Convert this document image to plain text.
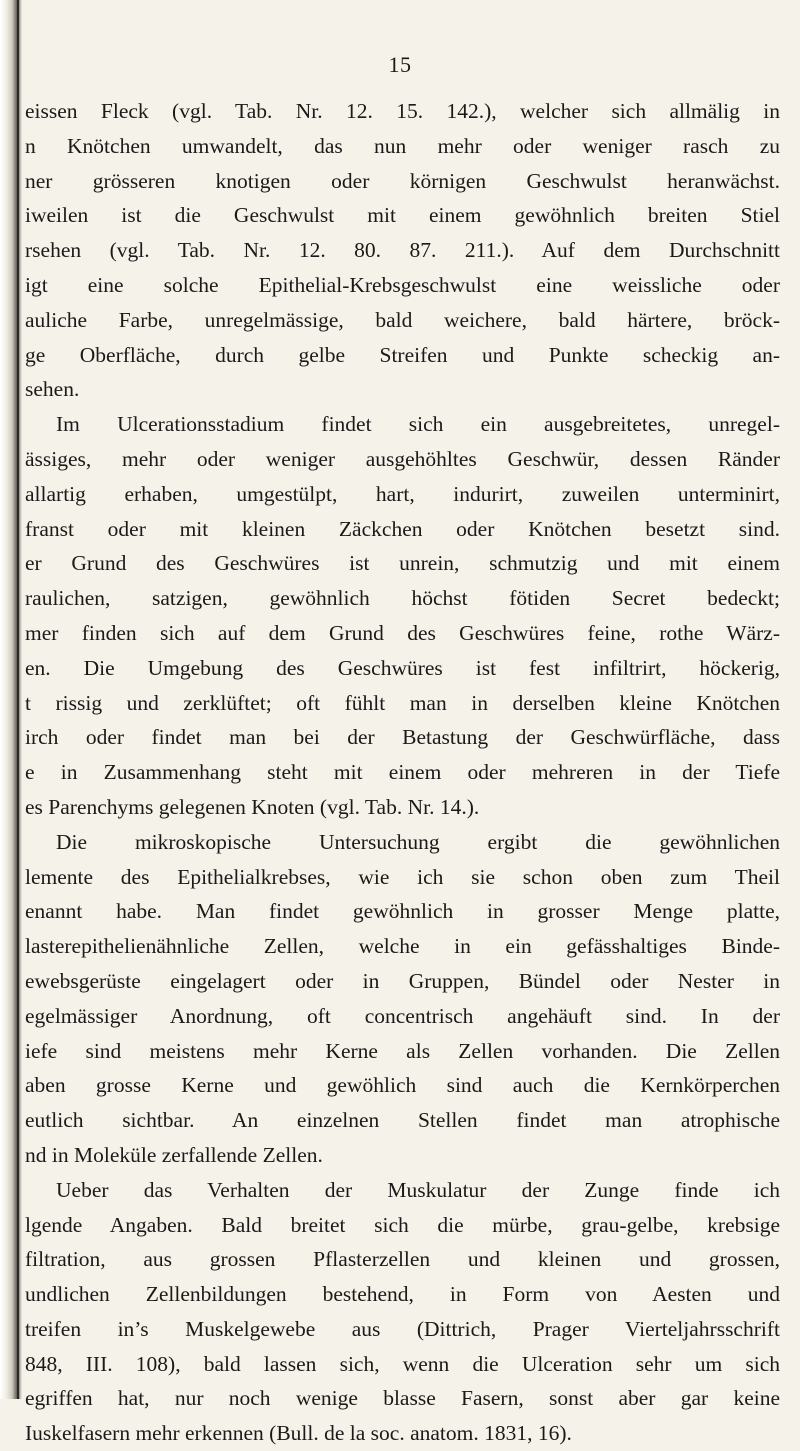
15
eissen Fleck (vgl. Tab. Nr. 12. 15. 142.), welcher sich allmälig in
n Knötchen umwandelt, das nun mehr oder weniger rasch zu
ner grösseren knotigen oder körnigen Geschwulst heranwächst.
iweilen ist die Geschwulst mit einem gewöhnlich breiten Stiel
rsehen (vgl. Tab. Nr. 12. 80. 87. 211.). Auf dem Durchschnitt
igt eine solche Epithelial-Krebsgeschwulst eine weissliche oder
auliche Farbe, unregelmässige, bald weichere, bald härtere, bröck-
ge Oberfläche, durch gelbe Streifen und Punkte scheckig an-
sehen.
Im Ulcerationsstadium findet sich ein ausgebreitetes, unregel-
ässiges, mehr oder weniger ausgehöhltes Geschwür, dessen Ränder
allartig erhaben, umgestülpt, hart, indurirt, zuweilen unterminirt,
franst oder mit kleinen Zäckchen oder Knötchen besetzt sind.
er Grund des Geschwüres ist unrein, schmutzig und mit einem
raulichen, satzigen, gewöhnlich höchst fötiden Secret bedeckt;
mer finden sich auf dem Grund des Geschwüres feine, rothe Wärz-
en. Die Umgebung des Geschwüres ist fest infiltrirt, höckerig,
t rissig und zerklüftet; oft fühlt man in derselben kleine Knötchen
irch oder findet man bei der Betastung der Geschwürfläche, dass
e in Zusammenhang steht mit einem oder mehreren in der Tiefe
es Parenchyms gelegenen Knoten (vgl. Tab. Nr. 14.).
Die mikroskopische Untersuchung ergibt die gewöhnlichen
lemente des Epithelialkrebses, wie ich sie schon oben zum Theil
enannt habe. Man findet gewöhnlich in grosser Menge platte,
lasterepithelienähnliche Zellen, welche in ein gefässhaltiges Binde-
ewebsgerüste eingelagert oder in Gruppen, Bündel oder Nester in
egelmässiger Anordnung, oft concentrisch angehäuft sind. In der
iefe sind meistens mehr Kerne als Zellen vorhanden. Die Zellen
aben grosse Kerne und gewöhlich sind auch die Kernkörperchen
eutlich sichtbar. An einzelnen Stellen findet man atrophische
nd in Moleküle zerfallende Zellen.
Ueber das Verhalten der Muskulatur der Zunge finde ich
lgende Angaben. Bald breitet sich die mürbe, grau-gelbe, krebsige
filtration, aus grossen Pflasterzellen und kleinen und grossen,
undlichen Zellenbildungen bestehend, in Form von Aesten und
treifen in’s Muskelgewebe aus (Dittrich, Prager Vierteljahrsschrift
848, III. 108), bald lassen sich, wenn die Ulceration sehr um sich
egriffen hat, nur noch wenige blasse Fasern, sonst aber gar keine
Iuskelfasern mehr erkennen (Bull. de la soc. anatom. 1831, 16).
